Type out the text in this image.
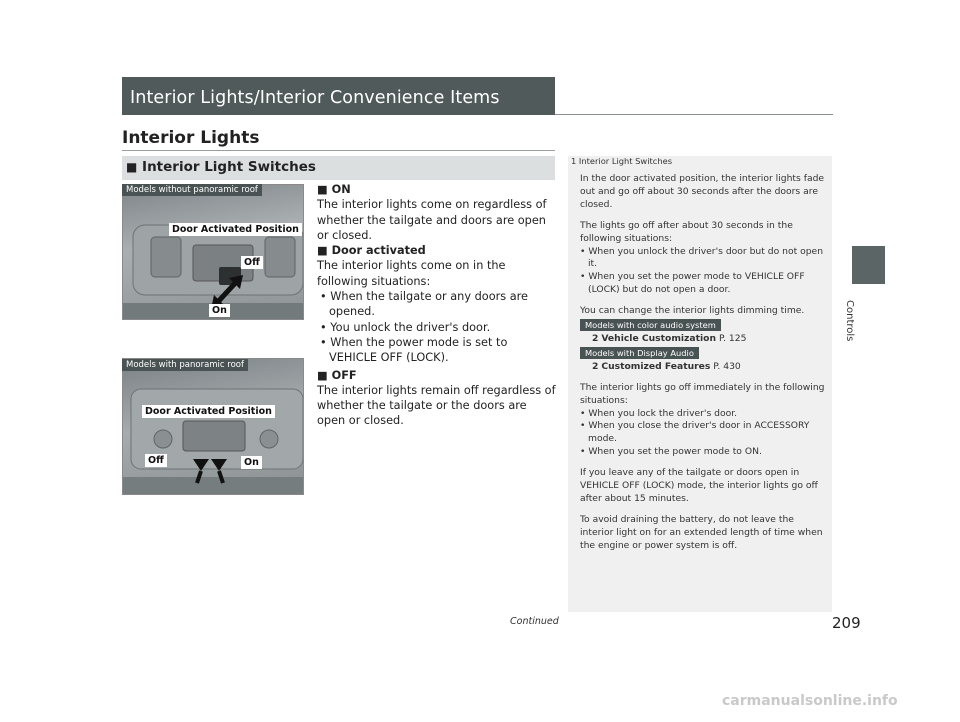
Interior Lights/Interior Convenience Items
Interior Lights
■ Interior Light Switches
Controls
Models without panoramic roof
Door Activated Position
Off
On
Models with panoramic roof
Door Activated Position
Off	On

■ ON

The interior lights come on regardless of whether the tailgate and doors are open or closed.

■ Door activated

The interior lights come on in the following situations:

• When the tailgate or any doors are opened.

• You unlock the driver's door.

• When the power mode is set to VEHICLE OFF (LOCK).

■ OFF

The interior lights remain off regardless of whether the tailgate or the doors are open or closed.

1 Interior Light Switches

In the door activated position, the interior lights fade out and go off about 30 seconds after the doors are closed.

The lights go off after about 30 seconds in the following situations:

• When you unlock the driver's door but do not open it.

• When you set the power mode to VEHICLE OFF (LOCK) but do not open a door.

You can change the interior lights dimming time.

Models with color audio system

2 Vehicle Customization P. 125

Models with Display Audio

2 Customized Features P. 430

The interior lights go off immediately in the following situations:

• When you lock the driver's door.

• When you close the driver's door in ACCESSORY mode.

• When you set the power mode to ON.

If you leave any of the tailgate or doors open in VEHICLE OFF (LOCK) mode, the interior lights go off after about 15 minutes.

To avoid draining the battery, do not leave the interior light on for an extended length of time when the engine or power system is off.

Continued	209
carmanualsonline.info
